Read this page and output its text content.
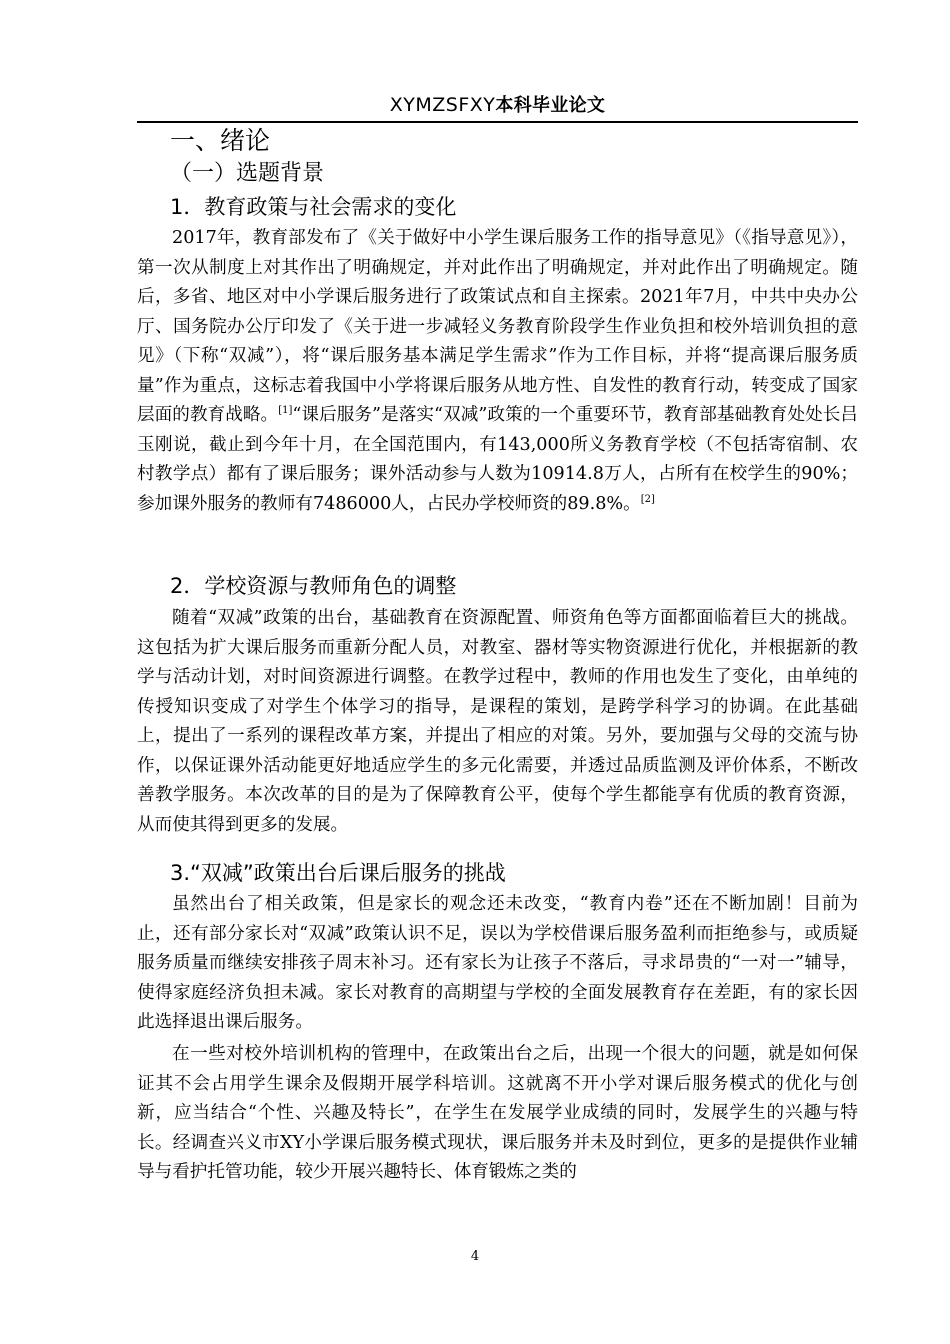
XYMZSFXY本科毕业论文
一、绪论
（一）选题背景
1．教育政策与社会需求的变化

2017年，教育部发布了《关于做好中小学生课后服务工作的指导意见》（《指导意见》），第一次从制度上对其作出了明确规定，并对此作出了明确规定，并对此作出了明确规定。随后，多省、地区对中小学课后服务进行了政策试点和自主探索。2021年7月，中共中央办公厅、国务院办公厅印发了《关于进一步减轻义务教育阶段学生作业负担和校外培训负担的意见》（下称“双减”），将“课后服务基本满足学生需求”作为工作目标，并将“提高课后服务质量”作为重点，这标志着我国中小学将课后服务从地方性、自发性的教育行动，转变成了国家层面的教育战略。[1]“课后服务”是落实“双减”政策的一个重要环节，教育部基础教育处处长吕玉刚说，截止到今年十月，在全国范围内，有143,000所义务教育学校（不包括寄宿制、农村教学点）都有了课后服务；课外活动参与人数为10914.8万人，占所有在校学生的90%；参加课外服务的教师有7486000人，占民办学校师资的89.8%。[2]

2．学校资源与教师角色的调整

随着“双减”政策的出台，基础教育在资源配置、师资角色等方面都面临着巨大的挑战。这包括为扩大课后服务而重新分配人员，对教室、器材等实物资源进行优化，并根据新的教学与活动计划，对时间资源进行调整。在教学过程中，教师的作用也发生了变化，由单纯的传授知识变成了对学生个体学习的指导，是课程的策划，是跨学科学习的协调。在此基础上，提出了一系列的课程改革方案，并提出了相应的对策。另外，要加强与父母的交流与协作，以保证课外活动能更好地适应学生的多元化需要，并透过品质监测及评价体系，不断改善教学服务。本次改革的目的是为了保障教育公平，使每个学生都能享有优质的教育资源，从而使其得到更多的发展。

3.“双减”政策出台后课后服务的挑战

虽然出台了相关政策，但是家长的观念还未改变，“教育内卷”还在不断加剧！目前为止，还有部分家长对“双减”政策认识不足，误以为学校借课后服务盈利而拒绝参与，或质疑服务质量而继续安排孩子周末补习。还有家长为让孩子不落后，寻求昂贵的“一对一”辅导，使得家庭经济负担未减。家长对教育的高期望与学校的全面发展教育存在差距，有的家长因此选择退出课后服务。

在一些对校外培训机构的管理中，在政策出台之后，出现一个很大的问题，就是如何保证其不会占用学生课余及假期开展学科培训。这就离不开小学对课后服务模式的优化与创新，应当结合“个性、兴趣及特长”，在学生在发展学业成绩的同时，发展学生的兴趣与特长。经调查兴义市XY小学课后服务模式现状，课后服务并未及时到位，更多的是提供作业辅导与看护托管功能，较少开展兴趣特长、体育锻炼之类的

4
